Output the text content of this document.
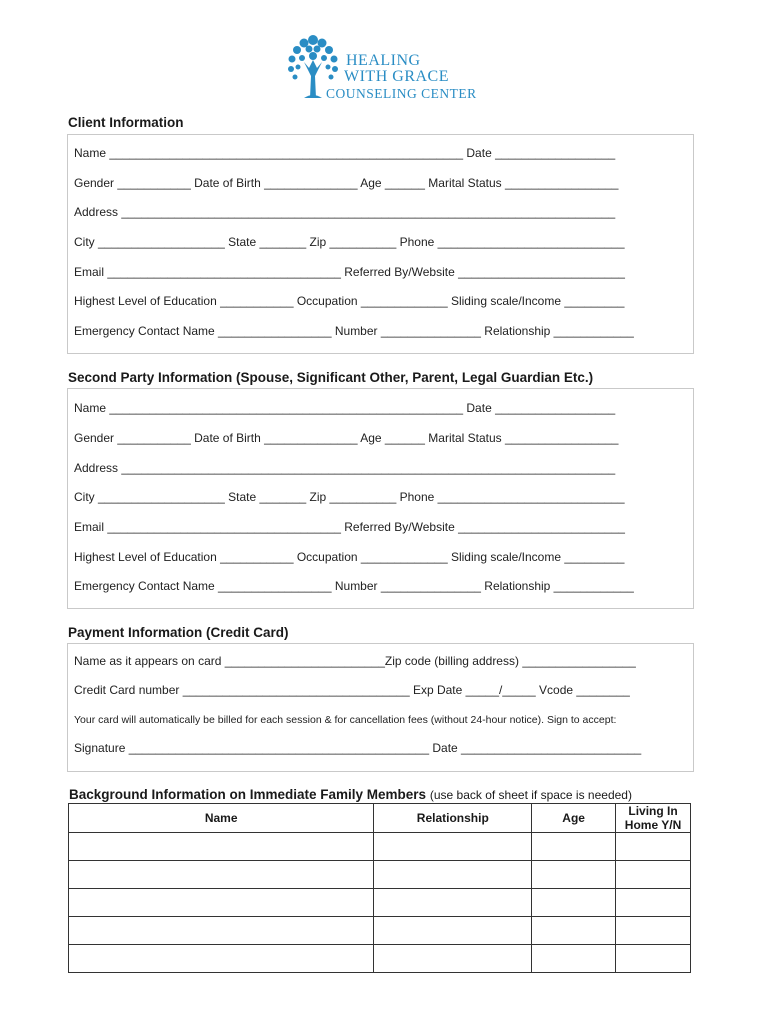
HEALING
WITH GRACE
COUNSELING CENTER
Client Information
Name _____________________________________________________ Date __________________
Gender ___________ Date of Birth ______________ Age ______ Marital Status _________________
Address __________________________________________________________________________
City ___________________ State _______ Zip __________ Phone ____________________________
Email ___________________________________ Referred By/Website _________________________
Highest Level of Education ___________ Occupation _____________ Sliding scale/Income _________
Emergency Contact Name _________________ Number _______________ Relationship ____________
Second Party Information (Spouse, Significant Other, Parent, Legal Guardian Etc.)
Name _____________________________________________________ Date __________________
Gender ___________ Date of Birth ______________ Age ______ Marital Status _________________
Address __________________________________________________________________________
City ___________________ State _______ Zip __________ Phone ____________________________
Email ___________________________________ Referred By/Website _________________________
Highest Level of Education ___________ Occupation _____________ Sliding scale/Income _________
Emergency Contact Name _________________ Number _______________ Relationship ____________
Payment Information (Credit Card)
Name as it appears on card ________________________Zip code (billing address) _________________
Credit Card number __________________________________ Exp Date _____/_____ Vcode ________
Your card will automatically be billed for each session & for cancellation fees (without 24-hour notice). Sign to accept:
Signature _____________________________________________ Date ___________________________
Background Information on Immediate Family Members (use back of sheet if space is needed)
Name	Relationship	Age	Living In
Home Y/N
